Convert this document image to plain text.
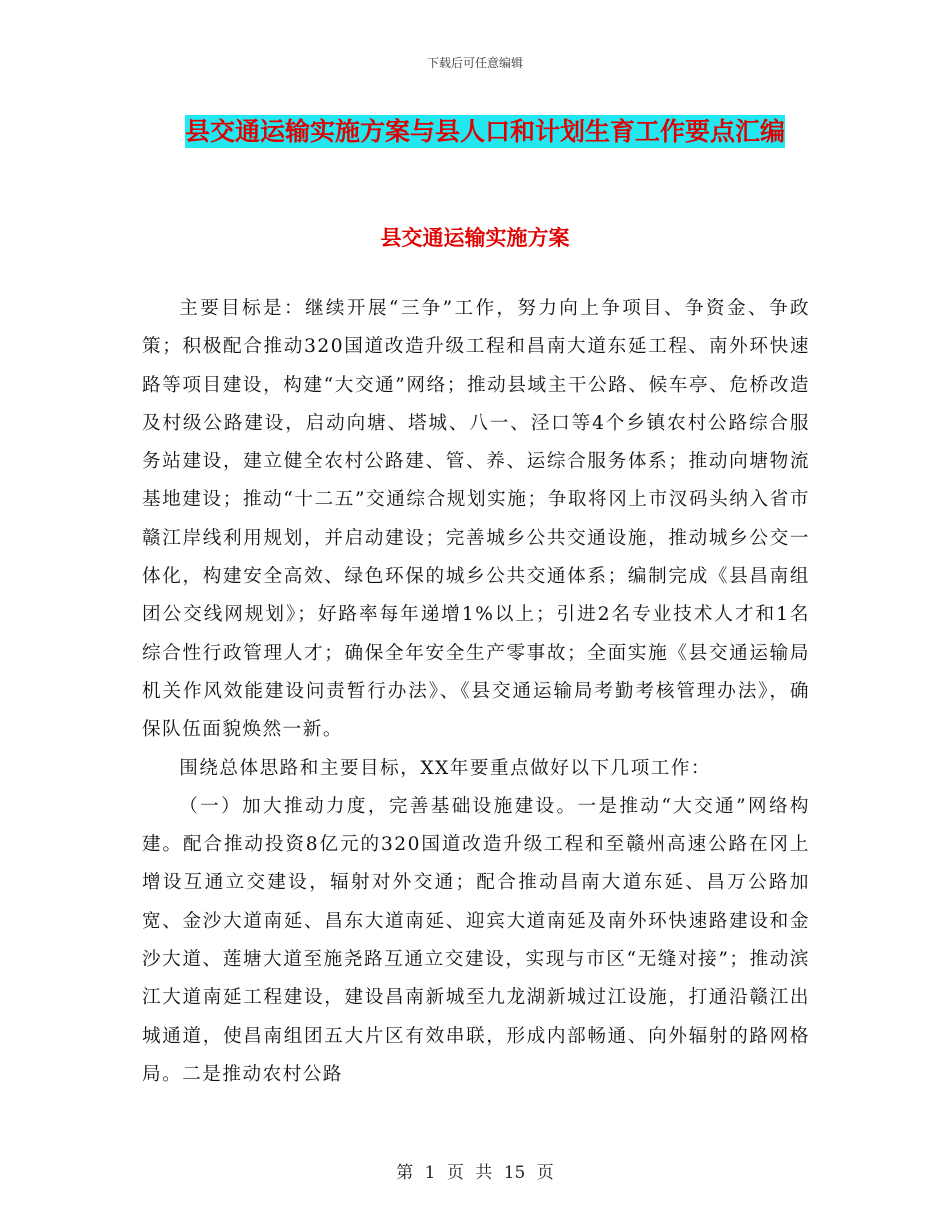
下载后可任意编辑
县交通运输实施方案与县人口和计划生育工作要点汇编
县交通运输实施方案

主要目标是：继续开展“三争”工作，努力向上争项目、争资金、争政策；积极配合推动320国道改造升级工程和昌南大道东延工程、南外环快速路等项目建设，构建“大交通”网络；推动县域主干公路、候车亭、危桥改造及村级公路建设，启动向塘、塔城、八一、泾口等4个乡镇农村公路综合服务站建设，建立健全农村公路建、管、养、运综合服务体系；推动向塘物流基地建设；推动“十二五”交通综合规划实施；争取将冈上市汊码头纳入省市赣江岸线利用规划，并启动建设；完善城乡公共交通设施，推动城乡公交一体化，构建安全高效、绿色环保的城乡公共交通体系；编制完成《县昌南组团公交线网规划》；好路率每年递增1%以上；引进2名专业技术人才和1名综合性行政管理人才；确保全年安全生产零事故；全面实施《县交通运输局机关作风效能建设问责暂行办法》、《县交通运输局考勤考核管理办法》，确保队伍面貌焕然一新。

围绕总体思路和主要目标，XX年要重点做好以下几项工作：

（一）加大推动力度，完善基础设施建设。一是推动“大交通”网络构建。配合推动投资8亿元的320国道改造升级工程和至赣州高速公路在冈上增设互通立交建设，辐射对外交通；配合推动昌南大道东延、昌万公路加宽、金沙大道南延、昌东大道南延、迎宾大道南延及南外环快速路建设和金沙大道、莲塘大道至施尧路互通立交建设，实现与市区“无缝对接”；推动滨江大道南延工程建设，建设昌南新城至九龙湖新城过江设施，打通沿赣江出城通道，使昌南组团五大片区有效串联，形成内部畅通、向外辐射的路网格局。二是推动农村公路

第 1 页 共 15 页
